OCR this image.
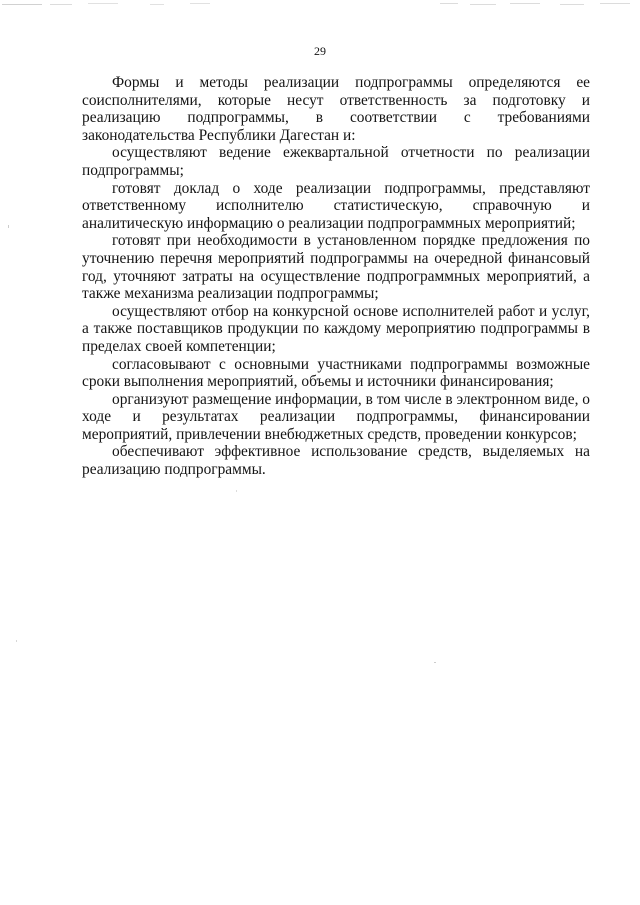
29

Формы и методы реализации подпрограммы определяются ее соисполнителями, которые несут ответственность за подготовку и реализацию подпрограммы, в соответствии с требованиями законодательства Республики Дагестан и:

осуществляют ведение ежеквартальной отчетности по реализации подпрограммы;

готовят доклад о ходе реализации подпрограммы, представляют ответственному исполнителю статистическую, справочную и аналитическую информацию о реализации подпрограммных мероприятий;

готовят при необходимости в установленном порядке предложения по уточнению перечня мероприятий подпрограммы на очередной финансовый год, уточняют затраты на осуществление подпрограммных мероприятий, а также механизма реализации подпрограммы;

осуществляют отбор на конкурсной основе исполнителей работ и услуг, а также поставщиков продукции по каждому мероприятию подпрограммы в пределах своей компетенции;

согласовывают с основными участниками подпрограммы возможные сроки выполнения мероприятий, объемы и источники финансирования;

организуют размещение информации, в том числе в электронном виде, о ходе и результатах реализации подпрограммы, финансировании мероприятий, привлечении внебюджетных средств, проведении конкурсов;

обеспечивают эффективное использование средств, выделяемых на реализацию подпрограммы.
